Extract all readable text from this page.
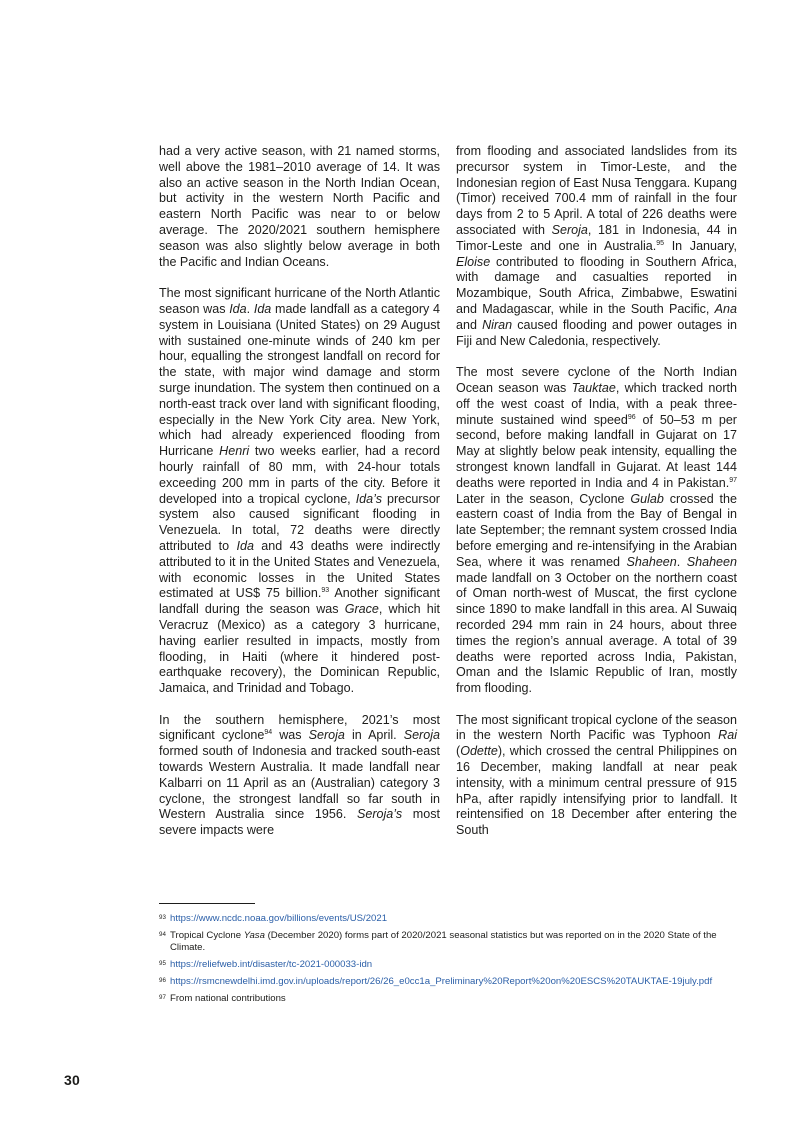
had a very active season, with 21 named storms, well above the 1981–2010 average of 14. It was also an active season in the North Indian Ocean, but activity in the western North Pacific and eastern North Pacific was near to or below average. The 2020/2021 southern hemisphere season was also slightly below average in both the Pacific and Indian Oceans.

The most significant hurricane of the North Atlantic season was Ida. Ida made landfall as a category 4 system in Louisiana (United States) on 29 August with sustained one-minute winds of 240 km per hour, equalling the strongest landfall on record for the state, with major wind damage and storm surge inundation. The system then continued on a north-east track over land with significant flooding, especially in the New York City area. New York, which had already experienced flooding from Hurricane Henri two weeks earlier, had a record hourly rainfall of 80 mm, with 24-hour totals exceeding 200 mm in parts of the city. Before it developed into a tropical cyclone, Ida’s precursor system also caused significant flooding in Venezuela. In total, 72 deaths were directly attributed to Ida and 43 deaths were indirectly attributed to it in the United States and Venezuela, with economic losses in the United States estimated at US$ 75 billion.$^{93}$ Another significant landfall during the season was Grace, which hit Veracruz (Mexico) as a category 3 hurricane, having earlier resulted in impacts, mostly from flooding, in Haiti (where it hindered post-earthquake recovery), the Dominican Republic, Jamaica, and Trinidad and Tobago.

In the southern hemisphere, 2021’s most significant cyclone$^{94}$ was Seroja in April. Seroja formed south of Indonesia and tracked south-east towards Western Australia. It made landfall near Kalbarri on 11 April as an (Australian) category 3 cyclone, the strongest landfall so far south in Western Australia since 1956. Seroja’s most severe impacts were

from flooding and associated landslides from its precursor system in Timor-Leste, and the Indonesian region of East Nusa Tenggara. Kupang (Timor) received 700.4 mm of rainfall in the four days from 2 to 5 April. A total of 226 deaths were associated with Seroja, 181 in Indonesia, 44 in Timor-Leste and one in Australia.$^{95}$ In January, Eloise contributed to flooding in Southern Africa, with damage and casualties reported in Mozambique, South Africa, Zimbabwe, Eswatini and Madagascar, while in the South Pacific, Ana and Niran caused flooding and power outages in Fiji and New Caledonia, respectively.

The most severe cyclone of the North Indian Ocean season was Tauktae, which tracked north off the west coast of India, with a peak three-minute sustained wind speed$^{96}$ of 50–53 m per second, before making landfall in Gujarat on 17 May at slightly below peak intensity, equalling the strongest known landfall in Gujarat. At least 144 deaths were reported in India and 4 in Pakistan.$^{97}$ Later in the season, Cyclone Gulab crossed the eastern coast of India from the Bay of Bengal in late September; the remnant system crossed India before emerging and re-intensifying in the Arabian Sea, where it was renamed Shaheen. Shaheen made landfall on 3 October on the northern coast of Oman north-west of Muscat, the first cyclone since 1890 to make landfall in this area. Al Suwaiq recorded 294 mm rain in 24 hours, about three times the region’s annual average. A total of 39 deaths were reported across India, Pakistan, Oman and the Islamic Republic of Iran, mostly from flooding.

The most significant tropical cyclone of the season in the western North Pacific was Typhoon Rai (Odette), which crossed the central Philippines on 16 December, making landfall at near peak intensity, with a minimum central pressure of 915 hPa, after rapidly intensifying prior to landfall. It reintensified on 18 December after entering the South

93 https://www.ncdc.noaa.gov/billions/events/US/2021
94 Tropical Cyclone Yasa (December 2020) forms part of 2020/2021 seasonal statistics but was reported on in the 2020 State of the Climate.
95 https://reliefweb.int/disaster/tc-2021-000033-idn
96 https://rsmcnewdelhi.imd.gov.in/uploads/report/26/26_e0cc1a_Preliminary%20Report%20on%20ESCS%20TAUKTAE-19july.pdf
97 From national contributions
30
